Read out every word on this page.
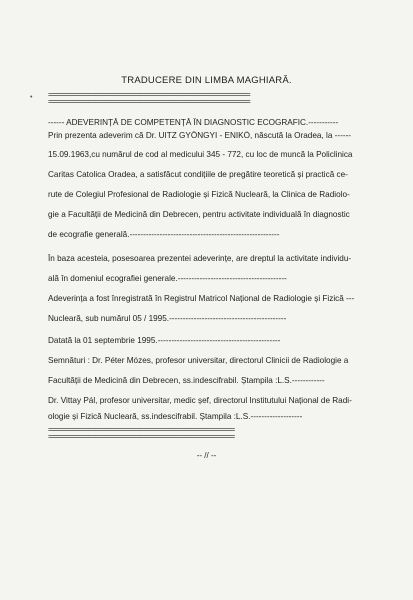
TRADUCERE DIN LIMBA MAGHIARĂ.
=================================================================
=================================================================
•
------ ADEVERINȚĂ DE COMPETENȚĂ ÎN DIAGNOSTIC ECOGRAFIC.-----------
Prin prezenta adeverim că Dr. UITZ GYÖNGYI - ENIKŐ, născută la Oradea, la ------
15.09.1963,cu numărul de cod al medicului 345 - 772, cu loc de muncă la Policlinica
Caritas Catolica Oradea, a satisfăcut condițiile de pregătire teoretică și practică ce-
rute de Colegiul Profesional de Radiologie și Fizică Nucleară, la Clinica de Radiolo-
gie a Facultății de Medicină din Debrecen, pentru activitate individuală în diagnostic
de ecografie generală.-------------------------------------------------------
În baza acesteia, posesoarea prezentei adeverințe, are dreptul la activitate individu-
ală în domeniul ecografiei generale.----------------------------------------
Adeverința a fost înregistrată în Registrul Matricol Național de Radiologie și Fizică ---
Nucleară, sub numărul 05 / 1995.-------------------------------------------
Datată la 01 septembrie 1995.---------------------------------------------
Semnături : Dr. Péter Mózes, profesor universitar, directorul Clinicii de Radiologie a
Facultății de Medicină din Debrecen, ss.indescifrabil. Ștampila :L.S.------------
Dr. Vittay Pál, profesor universitar, medic șef, directorul Institutului Național de Radi-
ologie și Fizică Nucleară, ss.indescifrabil. Ștampila :L.S.-------------------
============================================================
============================================================
-- // --
